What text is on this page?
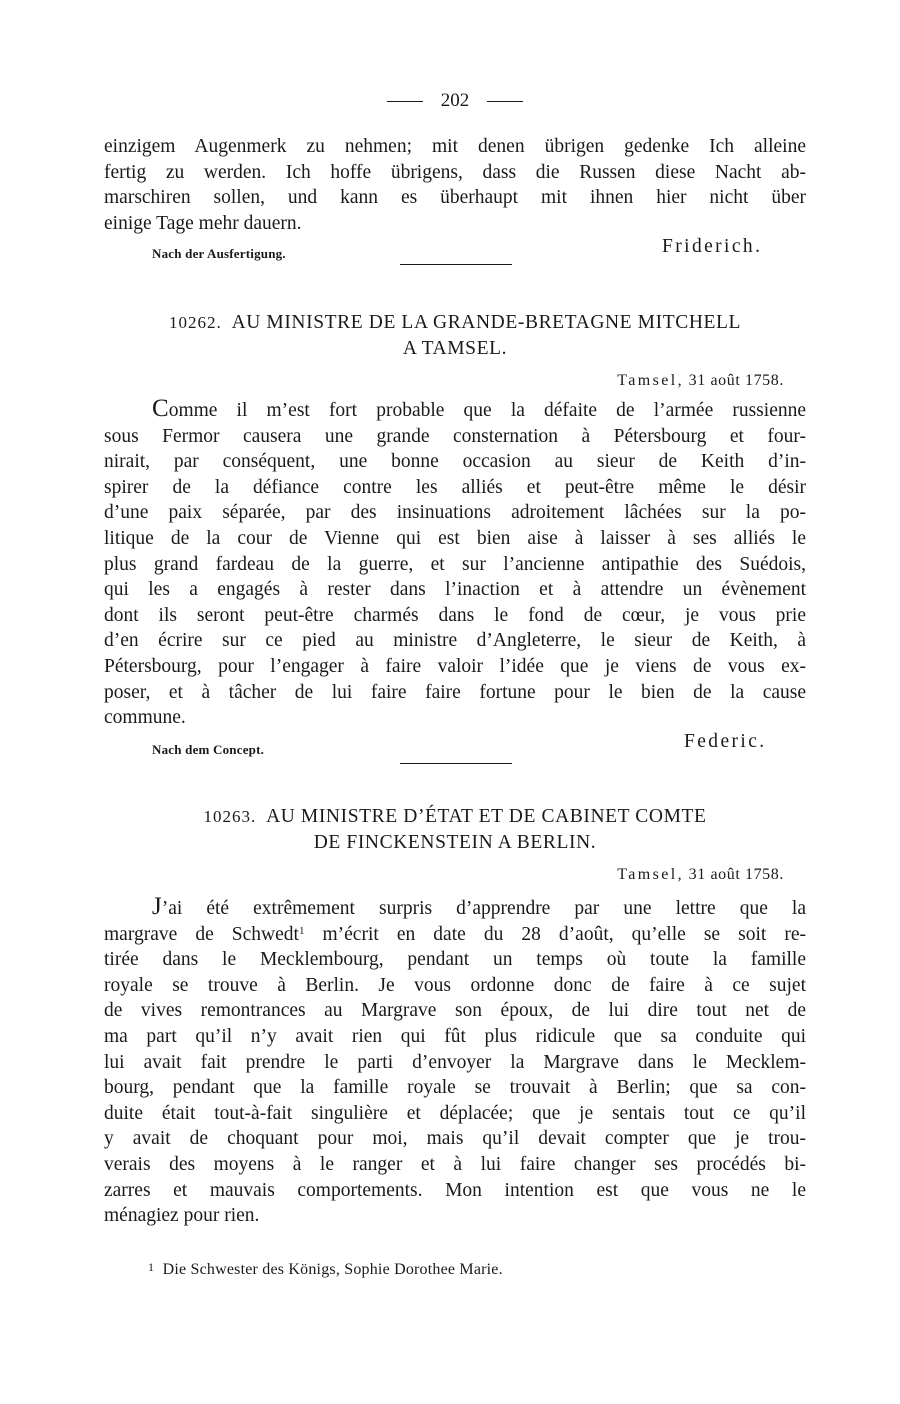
202
einzigem Augenmerk zu nehmen; mit denen übrigen gedenke Ich alleine
fertig zu werden. Ich hoffe übrigens, dass die Russen diese Nacht ab-
marschiren sollen, und kann es überhaupt mit ihnen hier nicht über
einige Tage mehr dauern.
Nach der Ausfertigung.	Friderich.
10262. AU MINISTRE DE LA GRANDE-BRETAGNE MITCHELL
A TAMSEL.
Tamsel, 31 août 1758.
Comme il m’est fort probable que la défaite de l’armée russienne
sous Fermor causera une grande consternation à Pétersbourg et four-
nirait, par conséquent, une bonne occasion au sieur de Keith d’in-
spirer de la défiance contre les alliés et peut-être même le désir
d’une paix séparée, par des insinuations adroitement lâchées sur la po-
litique de la cour de Vienne qui est bien aise à laisser à ses alliés le
plus grand fardeau de la guerre, et sur l’ancienne antipathie des Suédois,
qui les a engagés à rester dans l’inaction et à attendre un évènement
dont ils seront peut-être charmés dans le fond de cœur, je vous prie
d’en écrire sur ce pied au ministre d’Angleterre, le sieur de Keith, à
Pétersbourg, pour l’engager à faire valoir l’idée que je viens de vous ex-
poser, et à tâcher de lui faire faire fortune pour le bien de la cause
commune.
Nach dem Concept.	Federic.
10263. AU MINISTRE D’ÉTAT ET DE CABINET COMTE
DE FINCKENSTEIN A BERLIN.
Tamsel, 31 août 1758.
J’ai été extrêmement surpris d’apprendre par une lettre que la
margrave de Schwedt$^1$ m’écrit en date du 28 d’août, qu’elle se soit re-
tirée dans le Mecklembourg, pendant un temps où toute la famille
royale se trouve à Berlin. Je vous ordonne donc de faire à ce sujet
de vives remontrances au Margrave son époux, de lui dire tout net de
ma part qu’il n’y avait rien qui fût plus ridicule que sa conduite qui
lui avait fait prendre le parti d’envoyer la Margrave dans le Mecklem-
bourg, pendant que la famille royale se trouvait à Berlin; que sa con-
duite était tout-à-fait singulière et déplacée; que je sentais tout ce qu’il
y avait de choquant pour moi, mais qu’il devait compter que je trou-
verais des moyens à le ranger et à lui faire changer ses procédés bi-
zarres et mauvais comportements. Mon intention est que vous ne le
ménagiez pour rien.
1 Die Schwester des Königs, Sophie Dorothee Marie.
